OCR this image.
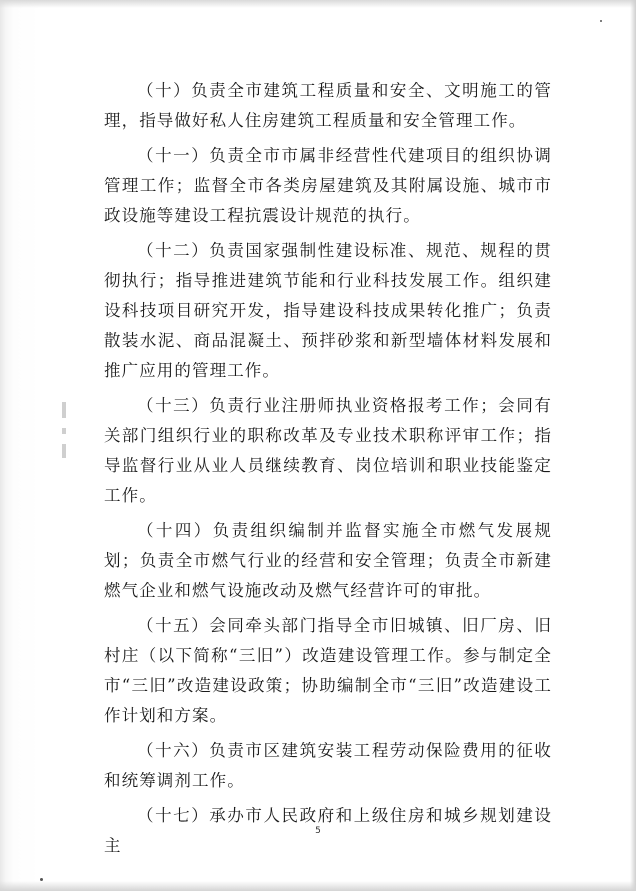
（十）负责全市建筑工程质量和安全、文明施工的管理，指导做好私人住房建筑工程质量和安全管理工作。

（十一）负责全市市属非经营性代建项目的组织协调管理工作；监督全市各类房屋建筑及其附属设施、城市市政设施等建设工程抗震设计规范的执行。

（十二）负责国家强制性建设标准、规范、规程的贯彻执行；指导推进建筑节能和行业科技发展工作。组织建设科技项目研究开发，指导建设科技成果转化推广；负责散装水泥、商品混凝土、预拌砂浆和新型墙体材料发展和推广应用的管理工作。

（十三）负责行业注册师执业资格报考工作；会同有关部门组织行业的职称改革及专业技术职称评审工作；指导监督行业从业人员继续教育、岗位培训和职业技能鉴定工作。

（十四）负责组织编制并监督实施全市燃气发展规划；负责全市燃气行业的经营和安全管理；负责全市新建燃气企业和燃气设施改动及燃气经营许可的审批。

（十五）会同牵头部门指导全市旧城镇、旧厂房、旧村庄（以下简称“三旧”）改造建设管理工作。参与制定全市“三旧”改造建设政策；协助编制全市“三旧”改造建设工作计划和方案。

（十六）负责市区建筑安装工程劳动保险费用的征收和统筹调剂工作。

（十七）承办市人民政府和上级住房和城乡规划建设主

5
